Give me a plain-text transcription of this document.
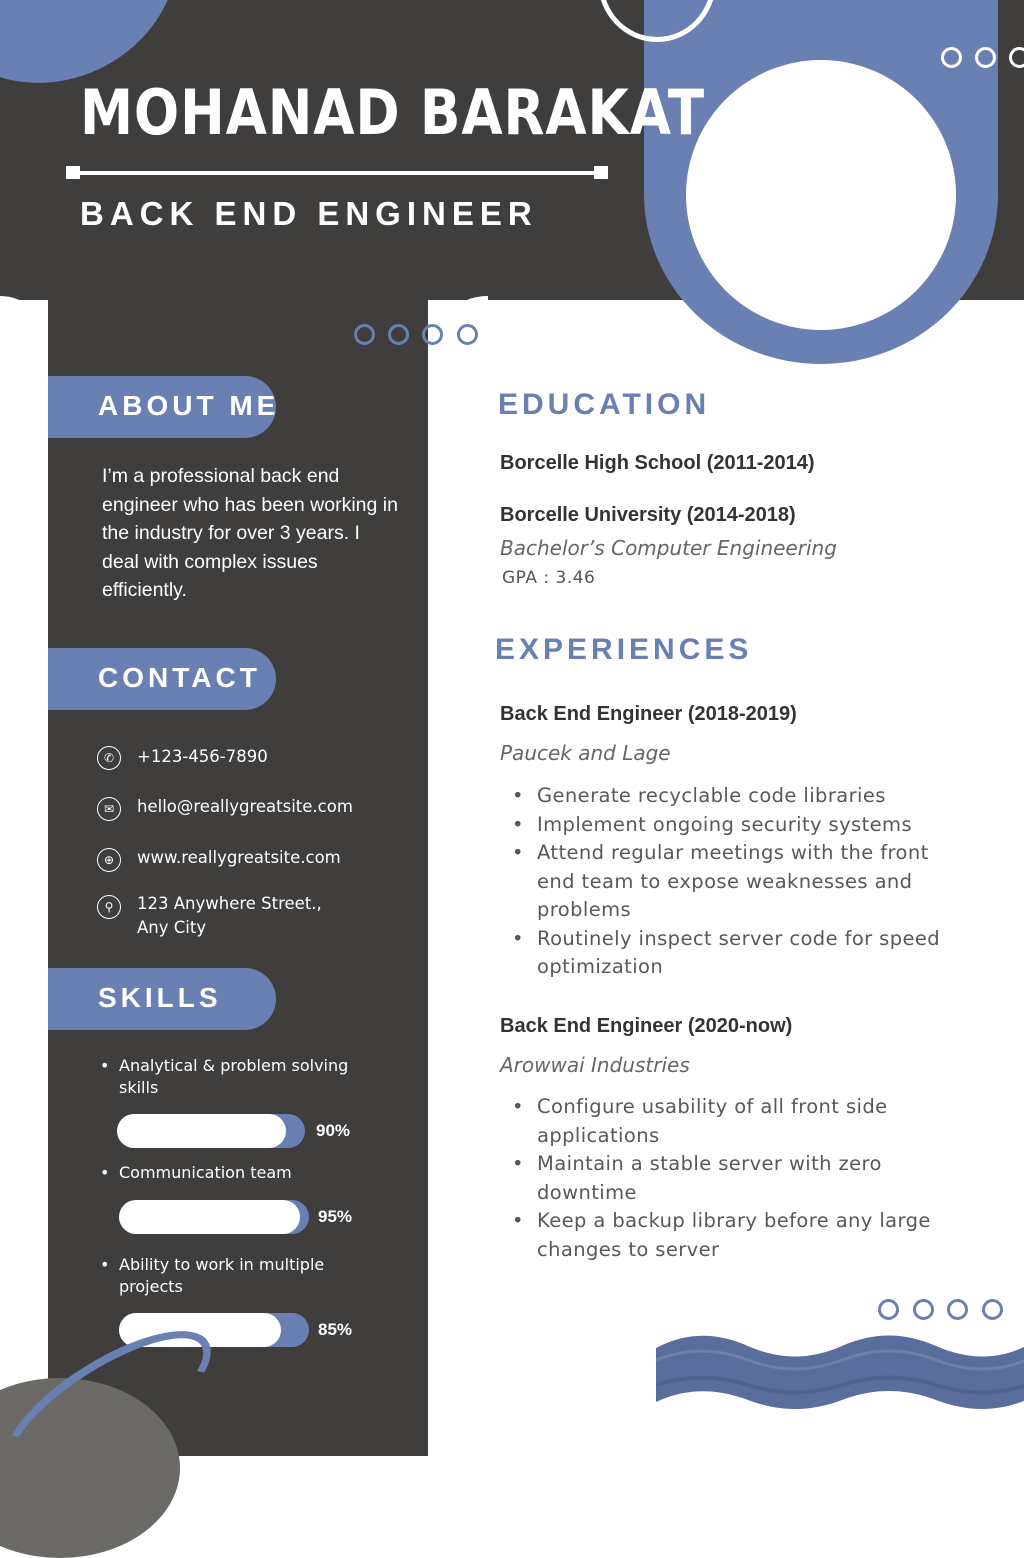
MOHANAD BARAKAT
BACK END ENGINEER
ABOUT ME
I’m a professional back end engineer who has been working in the industry for over 3 years. I deal with complex issues efficiently.
CONTACT
✆	+123-456-7890
✉	hello@reallygreatsite.com
⊕	www.reallygreatsite.com
⚲	123 Anywhere Street.,
Any City
SKILLS
• Analytical & problem solving skills
90%
• Communication team
95%
• Ability to work in multiple projects
85%
EDUCATION
Borcelle High School (2011-2014)
Borcelle University (2014-2018)
Bachelor’s Computer Engineering
GPA : 3.46
EXPERIENCES
Back End Engineer (2018-2019)
Paucek and Lage
• Generate recyclable code libraries
• Implement ongoing security systems
• Attend regular meetings with the front end team to expose weaknesses and problems
• Routinely inspect server code for speed optimization
Back End Engineer (2020-now)
Arowwai Industries
• Configure usability of all front side applications
• Maintain a stable server with zero downtime
• Keep a backup library before any large changes to server
